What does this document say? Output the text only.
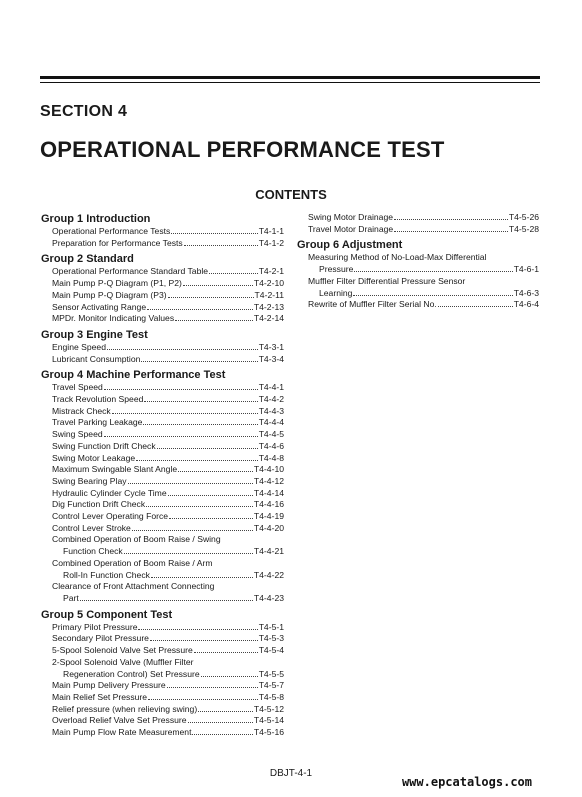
SECTION 4
OPERATIONAL PERFORMANCE TEST
CONTENTS
Group 1 Introduction
Operational Performance Tests	T4-1-1
Preparation for Performance Tests	T4-1-2
Group 2 Standard
Operational Performance Standard Table	T4-2-1
Main Pump P-Q Diagram (P1, P2)	T4-2-10
Main Pump P-Q Diagram (P3)	T4-2-11
Sensor Activating Range	T4-2-13
MPDr. Monitor Indicating Values	T4-2-14
Group 3 Engine Test
Engine Speed	T4-3-1
Lubricant Consumption	T4-3-4
Group 4 Machine Performance Test
Travel Speed	T4-4-1
Track Revolution Speed	T4-4-2
Mistrack Check	T4-4-3
Travel Parking Leakage	T4-4-4
Swing Speed	T4-4-5
Swing Function Drift Check	T4-4-6
Swing Motor Leakage	T4-4-8
Maximum Swingable Slant Angle	T4-4-10
Swing Bearing Play	T4-4-12
Hydraulic Cylinder Cycle Time	T4-4-14
Dig Function Drift Check	T4-4-16
Control Lever Operating Force	T4-4-19
Control Lever Stroke	T4-4-20
Combined Operation of Boom Raise / Swing
Function Check	T4-4-21
Combined Operation of Boom Raise / Arm
Roll-In Function Check	T4-4-22
Clearance of Front Attachment Connecting
Part	T4-4-23
Group 5 Component Test
Primary Pilot Pressure	T4-5-1
Secondary Pilot Pressure	T4-5-3
5-Spool Solenoid Valve Set Pressure	T4-5-4
2-Spool Solenoid Valve (Muffler Filter
Regeneration Control) Set Pressure	T4-5-5
Main Pump Delivery Pressure	T4-5-7
Main Relief Set Pressure	T4-5-8
Relief pressure (when relieving swing)	T4-5-12
Overload Relief Valve Set Pressure	T4-5-14
Main Pump Flow Rate Measurement	T4-5-16
Swing Motor Drainage	T4-5-26
Travel Motor Drainage	T4-5-28
Group 6 Adjustment
Measuring Method of No-Load-Max Differential
Pressure	T4-6-1
Muffler Filter Differential Pressure Sensor
Learning	T4-6-3
Rewrite of Muffler Filter Serial No.	T4-6-4
DBJT-4-1
www.epcatalogs.com
